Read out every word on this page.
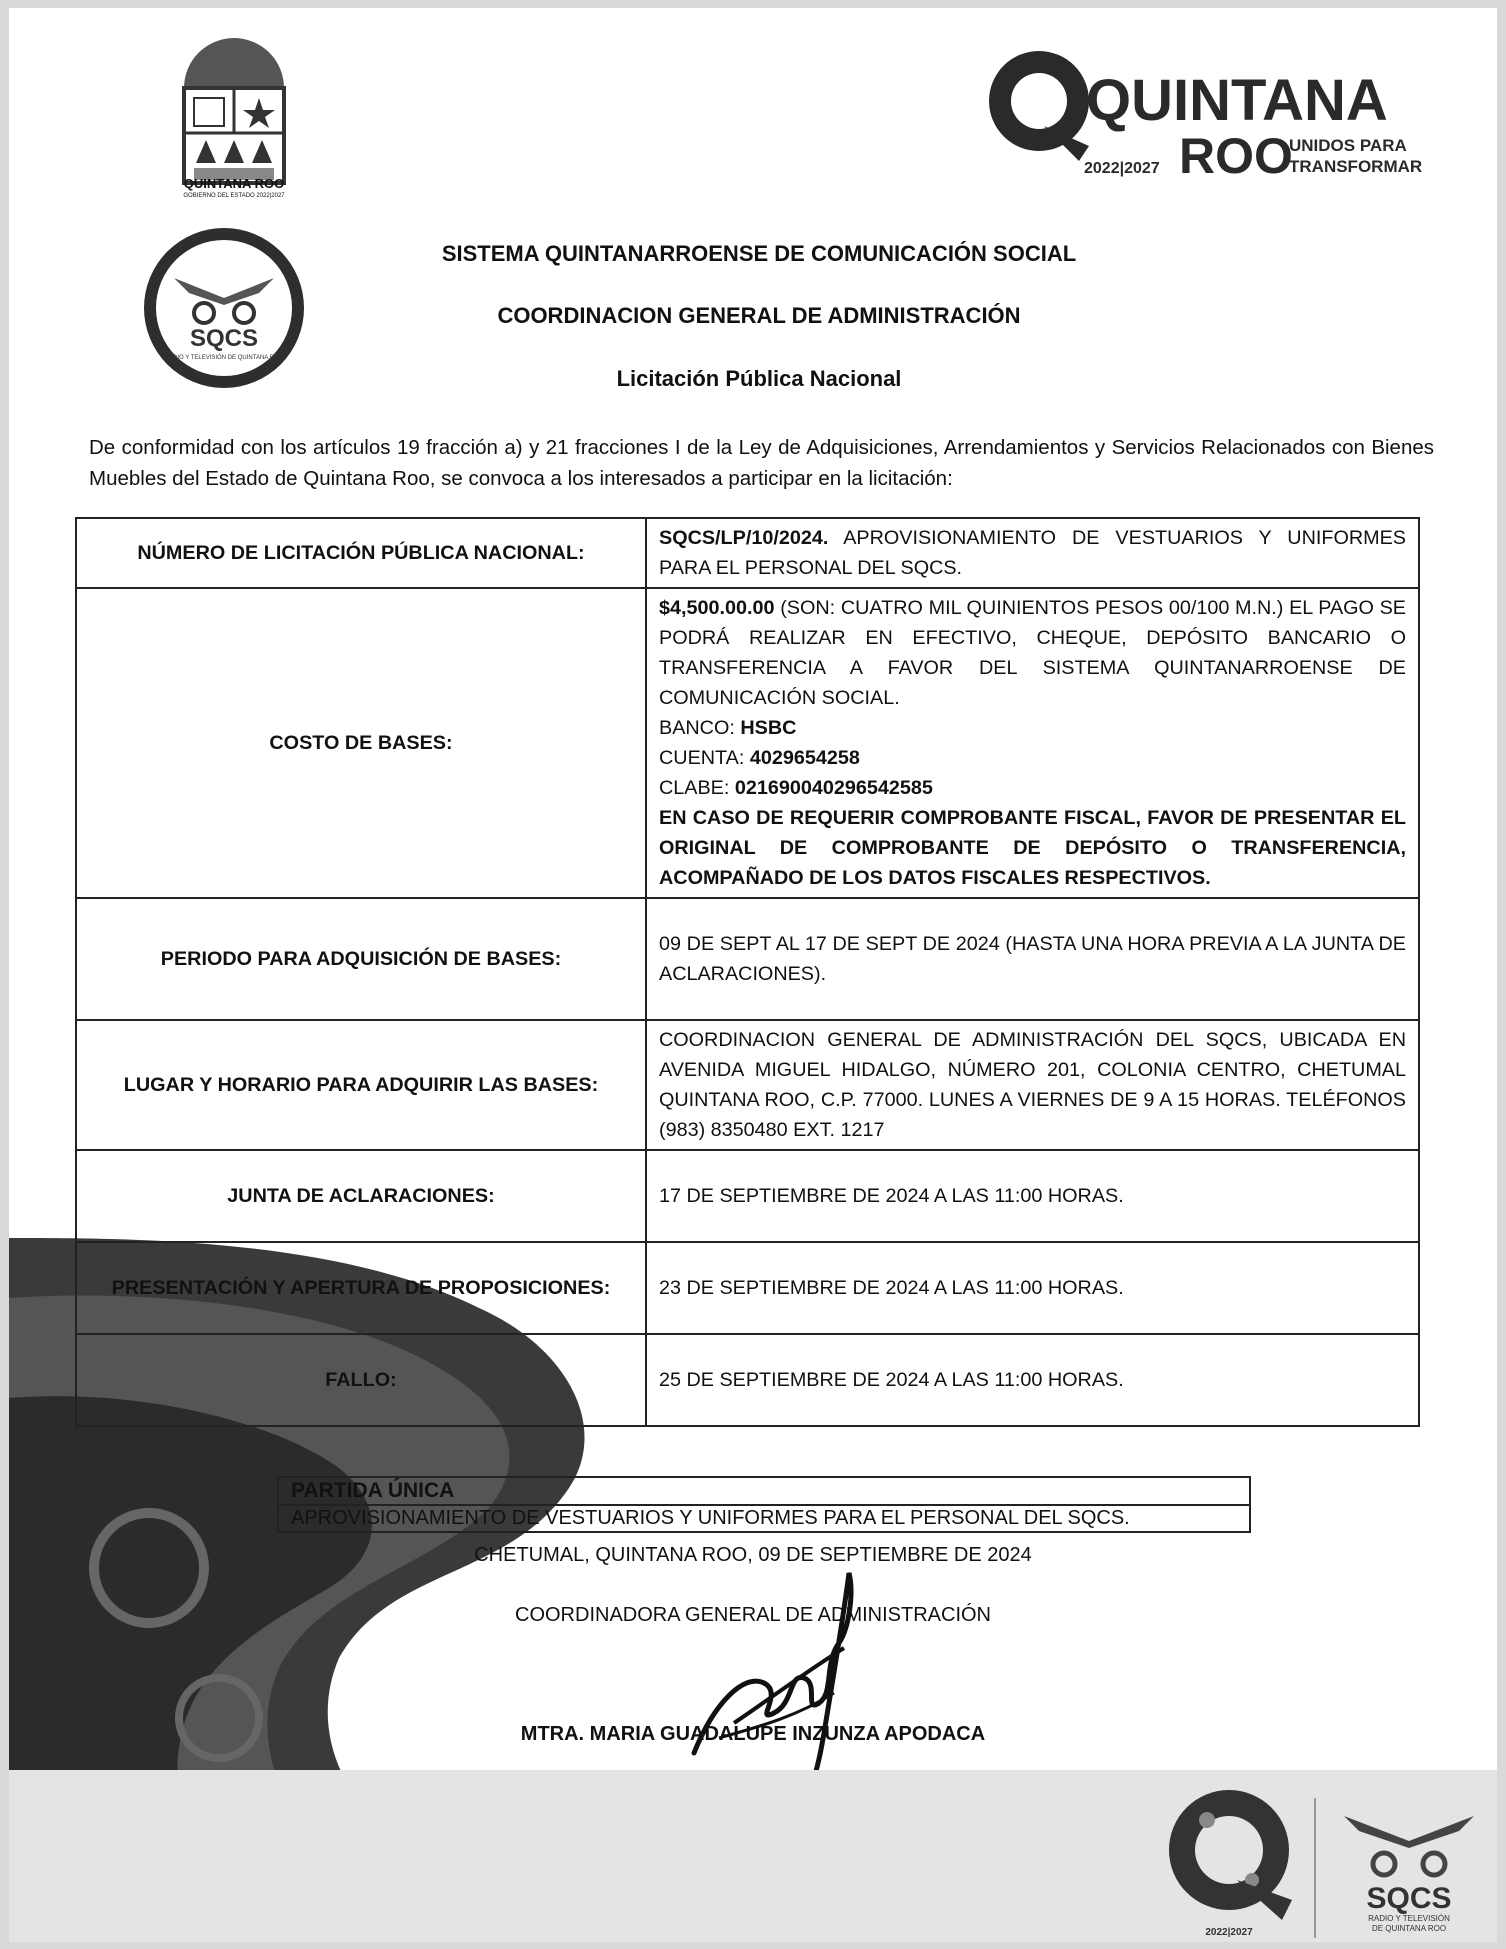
QUINTANA ROO
GOBIERNO DEL ESTADO 2022|2027
QUINTANA
ROO
UNIDOS PARA
TRANSFORMAR
2022|2027
SQCS
RADIO Y TELEVISIÓN DE QUINTANA ROO
SISTEMA QUINTANARROENSE DE COMUNICACIÓN SOCIAL
COORDINACION GENERAL DE ADMINISTRACIÓN
Licitación Pública Nacional
De conformidad con los artículos 19 fracción a) y 21 fracciones I de la Ley de Adquisiciones, Arrendamientos y Servicios Relacionados con Bienes Muebles del Estado de Quintana Roo, se convoca a los interesados a participar en la licitación:
NÚMERO DE LICITACIÓN PÚBLICA NACIONAL:	SQCS/LP/10/2024. APROVISIONAMIENTO DE VESTUARIOS Y UNIFORMES PARA EL PERSONAL DEL SQCS.
COSTO DE BASES:	$4,500.00.00 (SON: CUATRO MIL QUINIENTOS PESOS 00/100 M.N.) EL PAGO SE PODRÁ REALIZAR EN EFECTIVO, CHEQUE, DEPÓSITO BANCARIO O TRANSFERENCIA A FAVOR DEL SISTEMA QUINTANARROENSE DE COMUNICACIÓN SOCIAL.
BANCO: HSBC
CUENTA: 4029654258
CLABE: 021690040296542585
EN CASO DE REQUERIR COMPROBANTE FISCAL, FAVOR DE PRESENTAR EL ORIGINAL DE COMPROBANTE DE DEPÓSITO O TRANSFERENCIA, ACOMPAÑADO DE LOS DATOS FISCALES RESPECTIVOS.
PERIODO PARA ADQUISICIÓN DE BASES:	09 DE SEPT AL 17 DE SEPT DE 2024 (HASTA UNA HORA PREVIA A LA JUNTA DE ACLARACIONES).
LUGAR Y HORARIO PARA ADQUIRIR LAS BASES:	COORDINACION GENERAL DE ADMINISTRACIÓN DEL SQCS, UBICADA EN AVENIDA MIGUEL HIDALGO, NÚMERO 201, COLONIA CENTRO, CHETUMAL QUINTANA ROO, C.P. 77000. LUNES A VIERNES DE 9 A 15 HORAS. TELÉFONOS (983) 8350480 EXT. 1217
JUNTA DE ACLARACIONES:	17 DE SEPTIEMBRE DE 2024 A LAS 11:00 HORAS.
PRESENTACIÓN Y APERTURA DE PROPOSICIONES:	23 DE SEPTIEMBRE DE 2024 A LAS 11:00 HORAS.
FALLO:	25 DE SEPTIEMBRE DE 2024 A LAS 11:00 HORAS.
PARTIDA ÚNICA
APROVISIONAMIENTO DE VESTUARIOS Y UNIFORMES PARA EL PERSONAL DEL SQCS.
CHETUMAL, QUINTANA ROO, 09 DE SEPTIEMBRE DE 2024
COORDINADORA GENERAL DE ADMINISTRACIÓN
MTRA. MARIA GUADALUPE INZUNZA APODACA
2022|2027
SQCS
RADIO Y TELEVISIÓN
DE QUINTANA ROO
